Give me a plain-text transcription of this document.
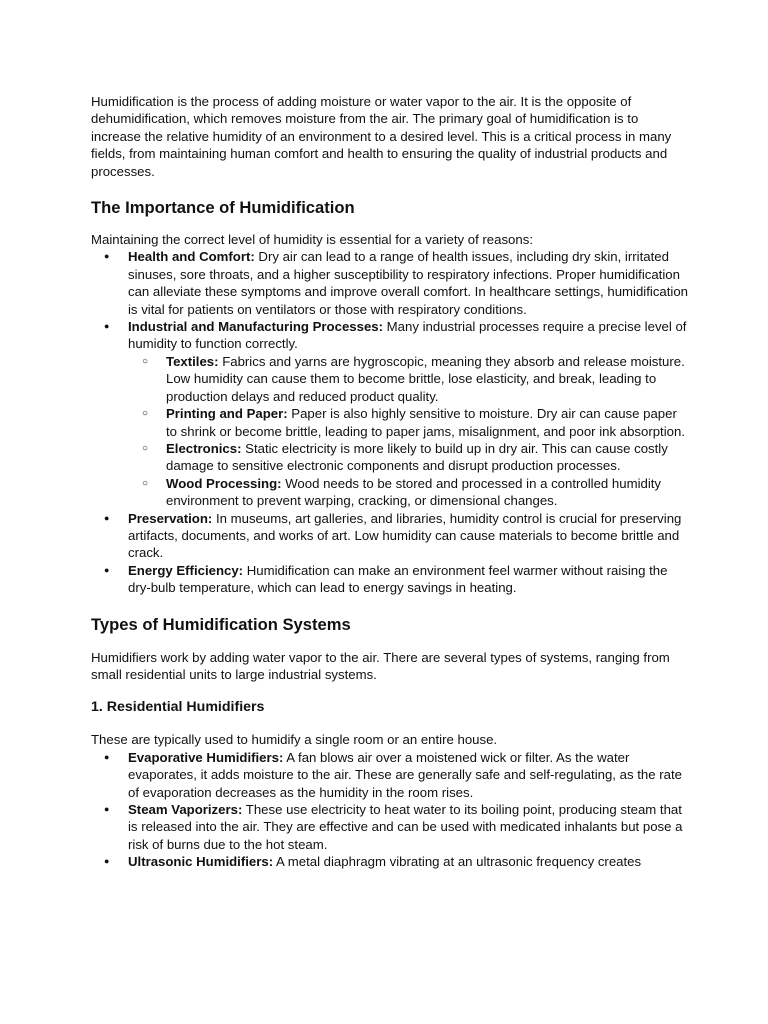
Humidification is the process of adding moisture or water vapor to the air. It is the opposite of dehumidification, which removes moisture from the air. The primary goal of humidification is to increase the relative humidity of an environment to a desired level. This is a critical process in many fields, from maintaining human comfort and health to ensuring the quality of industrial products and processes.

The Importance of Humidification

Maintaining the correct level of humidity is essential for a variety of reasons:

● Health and Comfort: Dry air can lead to a range of health issues, including dry skin, irritated sinuses, sore throats, and a higher susceptibility to respiratory infections. Proper humidification can alleviate these symptoms and improve overall comfort. In healthcare settings, humidification is vital for patients on ventilators or those with respiratory conditions.
● Industrial and Manufacturing Processes: Many industrial processes require a precise level of humidity to function correctly.
○ Textiles: Fabrics and yarns are hygroscopic, meaning they absorb and release moisture. Low humidity can cause them to become brittle, lose elasticity, and break, leading to production delays and reduced product quality.
○ Printing and Paper: Paper is also highly sensitive to moisture. Dry air can cause paper to shrink or become brittle, leading to paper jams, misalignment, and poor ink absorption.
○ Electronics: Static electricity is more likely to build up in dry air. This can cause costly damage to sensitive electronic components and disrupt production processes.
○ Wood Processing: Wood needs to be stored and processed in a controlled humidity environment to prevent warping, cracking, or dimensional changes.
● Preservation: In museums, art galleries, and libraries, humidity control is crucial for preserving artifacts, documents, and works of art. Low humidity can cause materials to become brittle and crack.
● Energy Efficiency: Humidification can make an environment feel warmer without raising the dry-bulb temperature, which can lead to energy savings in heating.
Types of Humidification Systems

Humidifiers work by adding water vapor to the air. There are several types of systems, ranging from small residential units to large industrial systems.

1. Residential Humidifiers

These are typically used to humidify a single room or an entire house.

● Evaporative Humidifiers: A fan blows air over a moistened wick or filter. As the water evaporates, it adds moisture to the air. These are generally safe and self-regulating, as the rate of evaporation decreases as the humidity in the room rises.
● Steam Vaporizers: These use electricity to heat water to its boiling point, producing steam that is released into the air. They are effective and can be used with medicated inhalants but pose a risk of burns due to the hot steam.
● Ultrasonic Humidifiers: A metal diaphragm vibrating at an ultrasonic frequency creates
